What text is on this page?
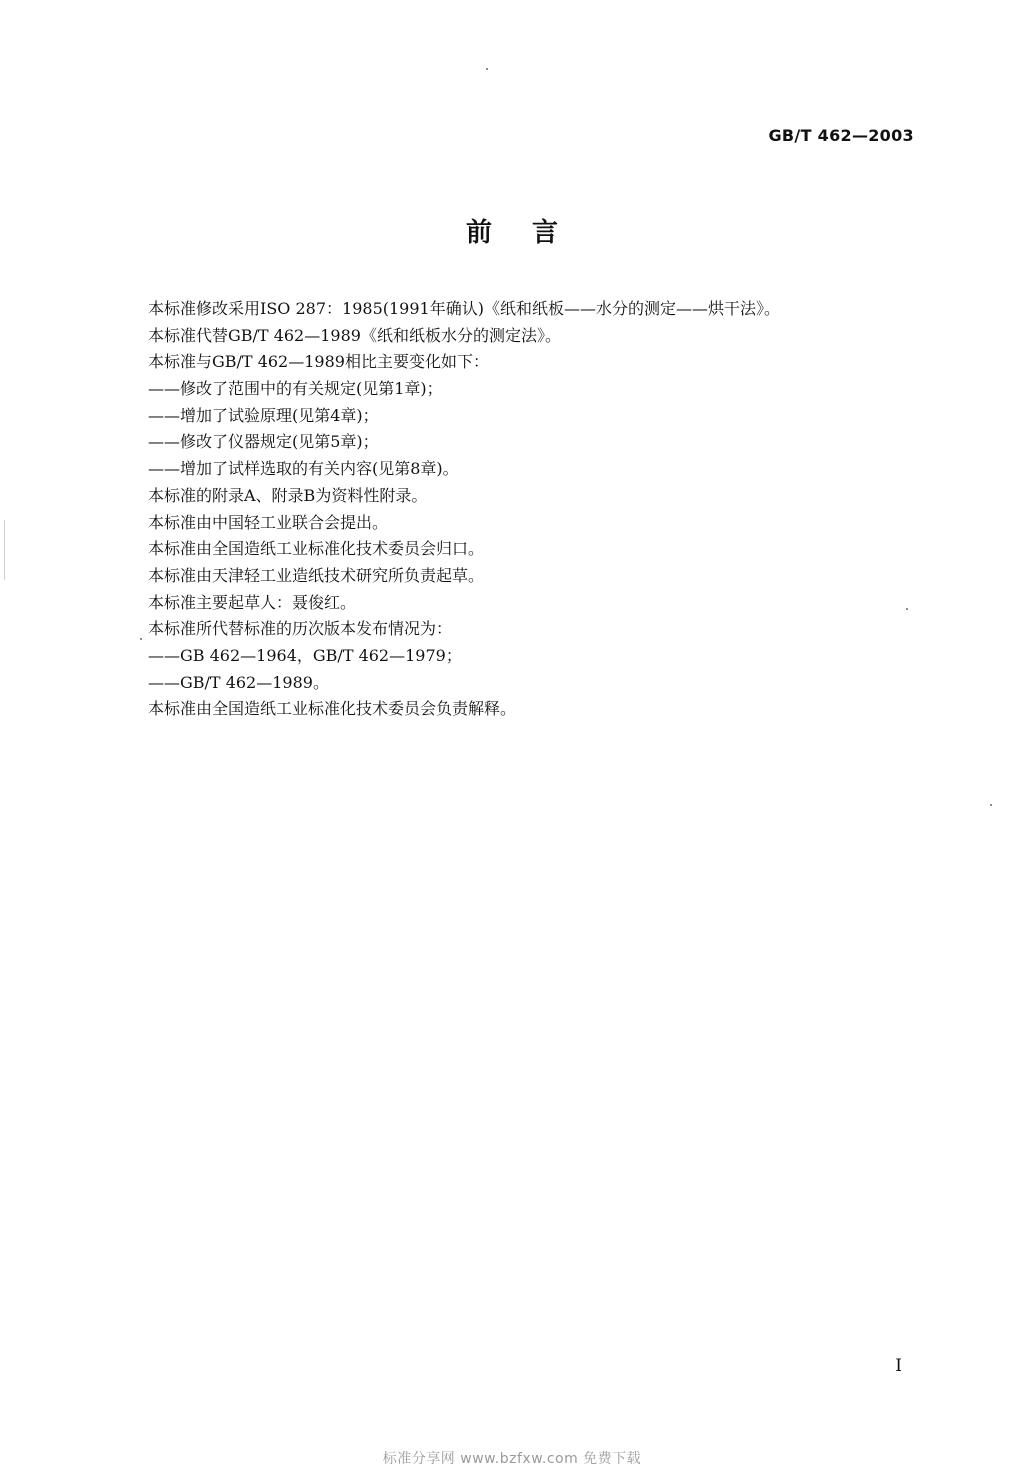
GB/T 462—2003
前言
本标准修改采用ISO 287：1985(1991年确认)《纸和纸板——水分的测定——烘干法》。
本标准代替GB/T 462—1989《纸和纸板水分的测定法》。
本标准与GB/T 462—1989相比主要变化如下：
——修改了范围中的有关规定(见第1章)；
——增加了试验原理(见第4章)；
——修改了仪器规定(见第5章)；
——增加了试样选取的有关内容(见第8章)。
本标准的附录A、附录B为资料性附录。
本标准由中国轻工业联合会提出。
本标准由全国造纸工业标准化技术委员会归口。
本标准由天津轻工业造纸技术研究所负责起草。
本标准主要起草人：聂俊红。
本标准所代替标准的历次版本发布情况为：
——GB 462—1964，GB/T 462—1979；
——GB/T 462—1989。
本标准由全国造纸工业标准化技术委员会负责解释。
I
标准分享网 www.bzfxw.com 免费下载
